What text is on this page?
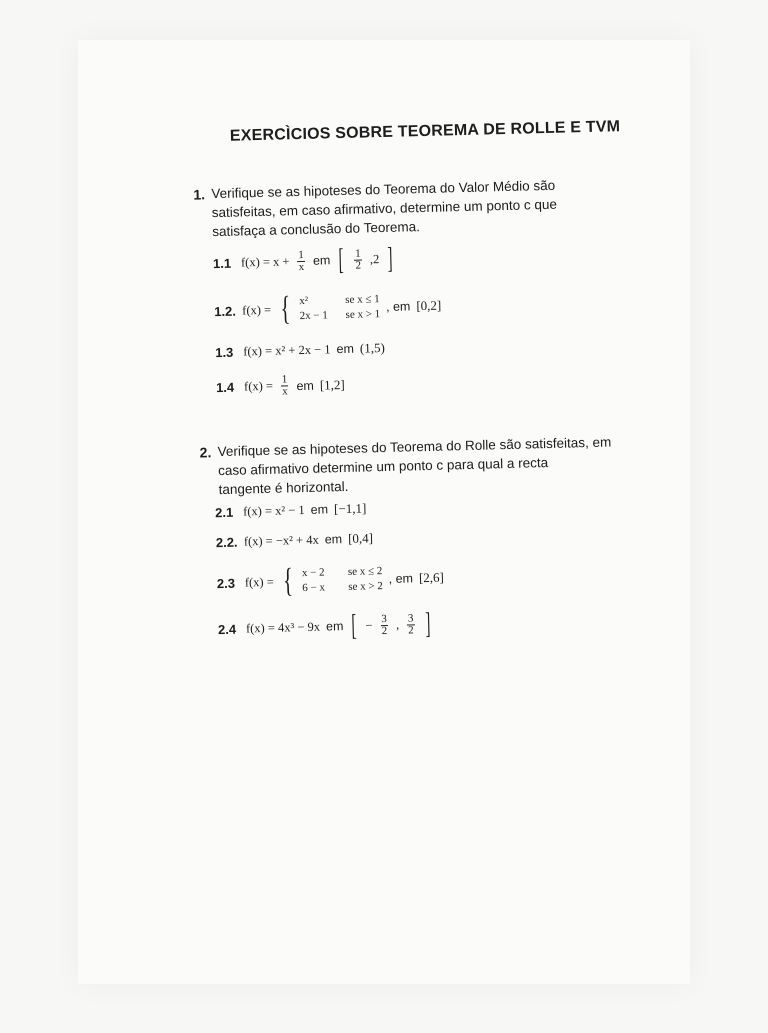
EXERCÌCIOS SOBRE TEOREMA DE ROLLE E TVM
1. Verifique se as hipoteses do Teorema do Valor Médio são
satisfeitas, em caso afirmativo, determine um ponto c que
satisfaça a conclusão do Teorema.
1.1 $f(x) = x + \frac{1}{x}$ em [ $\frac{1}{2} ,2$ ]
1.2. f(x) = { x²	se x ≤ 1
2x − 1	se x > 1
, em [0,2]
1.3 f(x) = x² + 2x − 1 em (1,5)
1.4 $f(x) = \frac{1}{x}$ em [1,2]
2. Verifique se as hipoteses do Teorema do Rolle são satisfeitas, em
caso afirmativo determine um ponto c para qual a recta
tangente é horizontal.
2.1 f(x) = x² − 1 em [−1,1]
2.2. f(x) = −x² + 4x em [0,4]
2.3 f(x) = { x − 2	se x ≤ 2
6 − x	se x > 2
, em [2,6]
2.4 f(x) = 4x³ − 9x em [ − $\frac{3}{2}$ , $\frac{3}{2}$ ]
